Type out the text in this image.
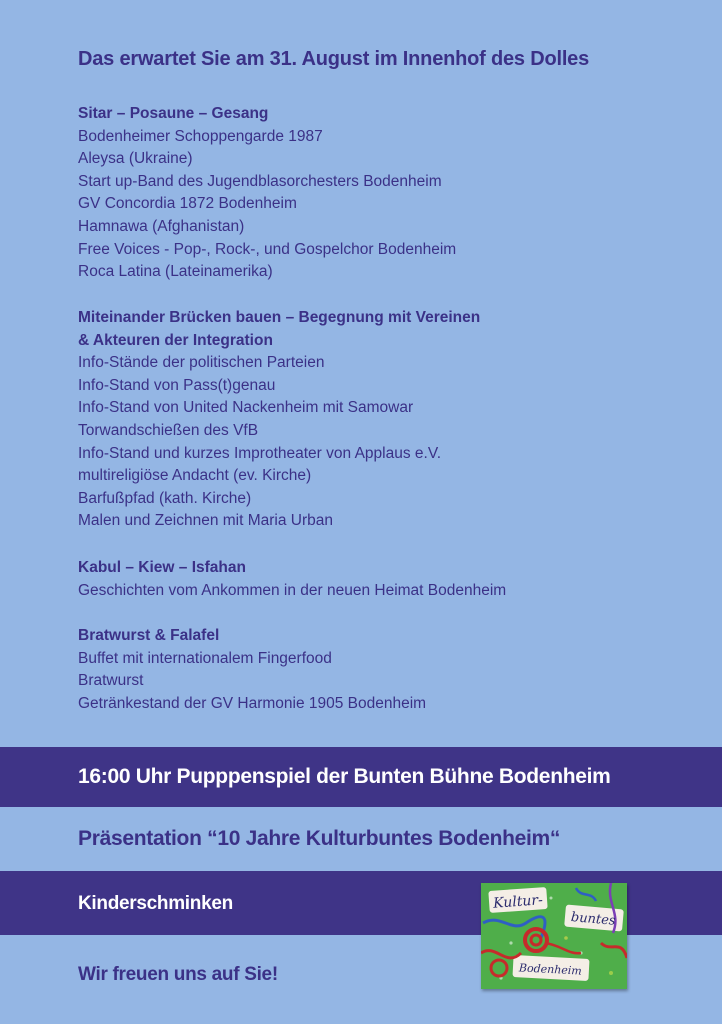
Das erwartet Sie am 31. August im Innenhof des Dolles
Sitar – Posaune – Gesang
Bodenheimer Schoppengarde 1987
Aleysa (Ukraine)
Start up-Band des Jugendblasorchesters Bodenheim
GV Concordia 1872 Bodenheim
Hamnawa (Afghanistan)
Free Voices - Pop-, Rock-, und Gospelchor Bodenheim
Roca Latina (Lateinamerika)
Miteinander Brücken bauen – Begegnung mit Vereinen
& Akteuren der Integration
Info-Stände der politischen Parteien
Info-Stand von Pass(t)genau
Info-Stand von United Nackenheim mit Samowar
Torwandschießen des VfB
Info-Stand und kurzes Improtheater von Applaus e.V.
multireligiöse Andacht (ev. Kirche)
Barfußpfad (kath. Kirche)
Malen und Zeichnen mit Maria Urban
Kabul – Kiew – Isfahan
Geschichten vom Ankommen in der neuen Heimat Bodenheim
Bratwurst & Falafel
Buffet mit internationalem Fingerfood
Bratwurst
Getränkestand der GV Harmonie 1905 Bodenheim
16:00 Uhr Pupppenspiel der Bunten Bühne Bodenheim
Präsentation “10 Jahre Kulturbuntes Bodenheim“
Kinderschminken
Wir freuen uns auf Sie!
Kultur-
buntes
Bodenheim
